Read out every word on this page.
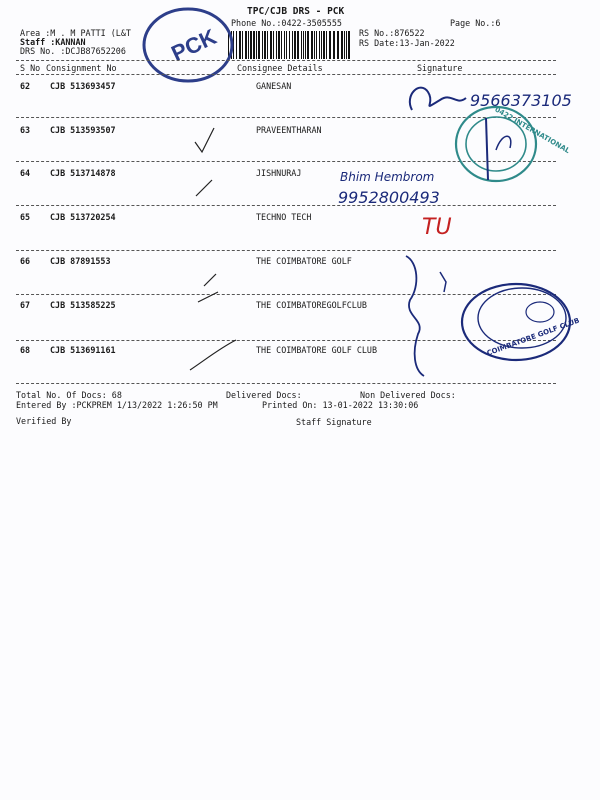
TPC/CJB DRS - PCK
Phone No.:0422-3505555	Page No.:6
Area :M . M PATTI (L&T
Staff :KANNAN
DRS No. :DCJB87652206
RS No.:876522
RS Date:13-Jan-2022
PCK
S No Consignment No	Consignee Details	Signature
62 CJB 513693457	GANESAN
63 CJB 513593507	PRAVEENTHARAN
64 CJB 513714878	JISHNURAJ
65 CJB 513720254	TECHNO TECH
66 CJB 87891553	THE COIMBATORE GOLF
67 CJB 513585225	THE COIMBATOREGOLFCLUB
68 CJB 513691161	THE COIMBATORE GOLF CLUB
9566373105
0422 INTERNATIONAL
Bhim Hembrom
9952800493
TU
COIMBATORE GOLF CLUB
Total No. Of Docs: 68	Delivered Docs:	Non Delivered Docs:
Entered By :PCKPREM 1/13/2022 1:26:50 PM	Printed On: 13-01-2022 13:30:06
Verified By	Staff Signature
